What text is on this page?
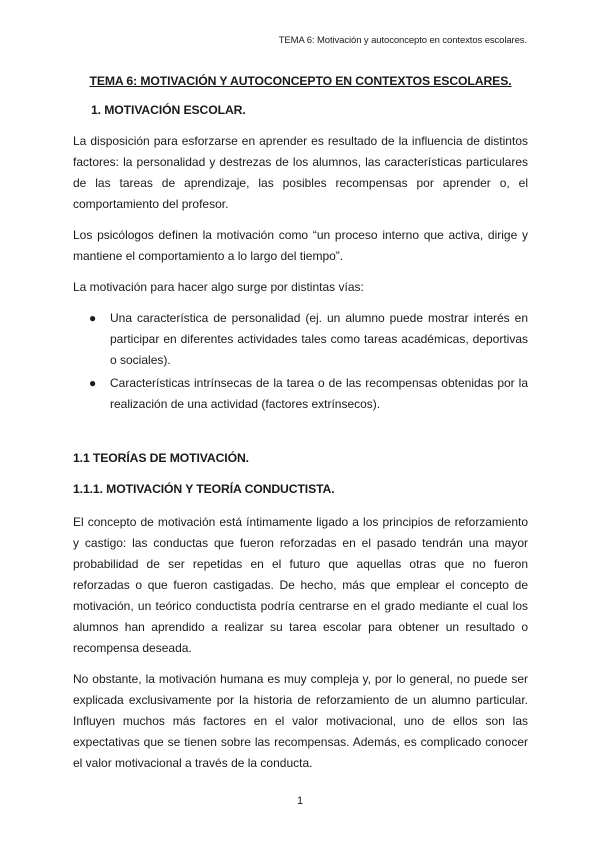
TEMA 6: Motivación y autoconcepto en contextos escolares.
TEMA 6: MOTIVACIÓN Y AUTOCONCEPTO EN CONTEXTOS ESCOLARES.
1. MOTIVACIÓN ESCOLAR.

La disposición para esforzarse en aprender es resultado de la influencia de distintos factores: la personalidad y destrezas de los alumnos, las características particulares de las tareas de aprendizaje, las posibles recompensas por aprender o, el comportamiento del profesor.

Los psicólogos definen la motivación como “un proceso interno que activa, dirige y mantiene el comportamiento a lo largo del tiempo”.

La motivación para hacer algo surge por distintas vías:

● Una característica de personalidad (ej. un alumno puede mostrar interés en participar en diferentes actividades tales como tareas académicas, deportivas o sociales).
● Características intrínsecas de la tarea o de las recompensas obtenidas por la realización de una actividad (factores extrínsecos).
1.1 TEORÍAS DE MOTIVACIÓN.
1.1.1. MOTIVACIÓN Y TEORÍA CONDUCTISTA.

El concepto de motivación está íntimamente ligado a los principios de reforzamiento y castigo: las conductas que fueron reforzadas en el pasado tendrán una mayor probabilidad de ser repetidas en el futuro que aquellas otras que no fueron reforzadas o que fueron castigadas. De hecho, más que emplear el concepto de motivación, un teórico conductista podría centrarse en el grado mediante el cual los alumnos han aprendido a realizar su tarea escolar para obtener un resultado o recompensa deseada.

No obstante, la motivación humana es muy compleja y, por lo general, no puede ser explicada exclusivamente por la historia de reforzamiento de un alumno particular. Influyen muchos más factores en el valor motivacional, uno de ellos son las expectativas que se tienen sobre las recompensas. Además, es complicado conocer el valor motivacional a través de la conducta.

1
